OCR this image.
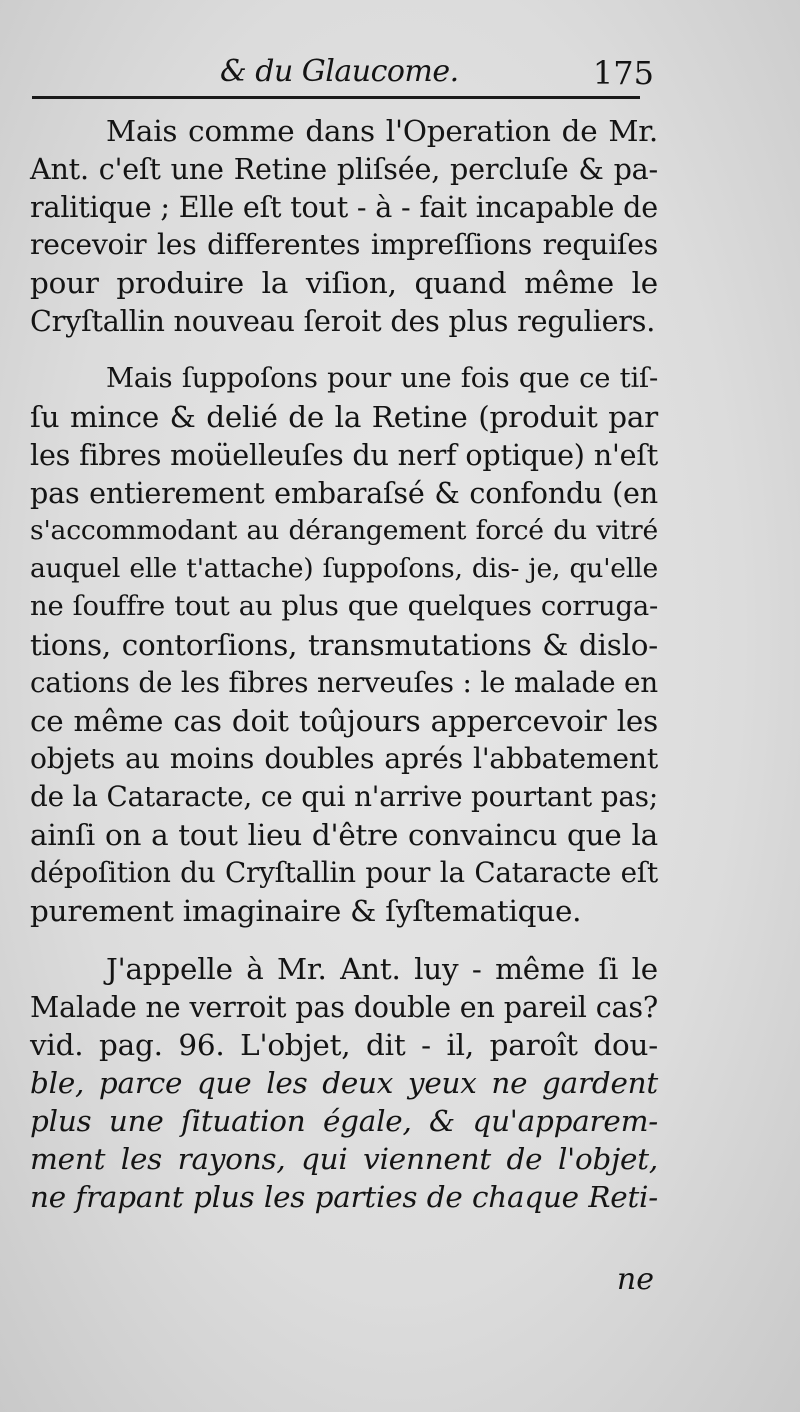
& du Glaucome.	175
Mais comme dans l'Operation de Mr.
Ant. c'eſt une Retine pliſsée, percluſe & pa-
ralitique ; Elle eſt tout - à - fait incapable de
recevoir les differentes impreſſions requiſes
pour produire la viſion, quand même le
Cryſtallin nouveau ſeroit des plus reguliers.
Mais ſuppoſons pour une fois que ce tiſ-
ſu mince & delié de la Retine (produit par
les fibres moüelleuſes du nerf optique) n'eſt
pas entierement embaraſsé & confondu (en
s'accommodant au dérangement forcé du vitré
auquel elle t'attache) ſuppoſons, dis- je, qu'elle
ne ſouffre tout au plus que quelques corruga-
tions, contorſions, transmutations & dislo-
cations de les fibres nerveuſes : le malade en
ce même cas doit toûjours appercevoir les
objets au moins doubles aprés l'abbatement
de la Cataracte, ce qui n'arrive pourtant pas;
ainſi on a tout lieu d'être convaincu que la
dépoſition du Cryſtallin pour la Cataracte eſt
purement imaginaire & ſyſtematique.
J'appelle à Mr. Ant. luy - même ſi le
Malade ne verroit pas double en pareil cas?
vid. pag. 96. L'objet, dit - il, paroît dou-
ble, parce que les deux yeux ne gardent
plus une ſituation égale, & qu'apparem-
ment les rayons, qui viennent de l'objet,
ne frapant plus les parties de chaque Reti-
ne
